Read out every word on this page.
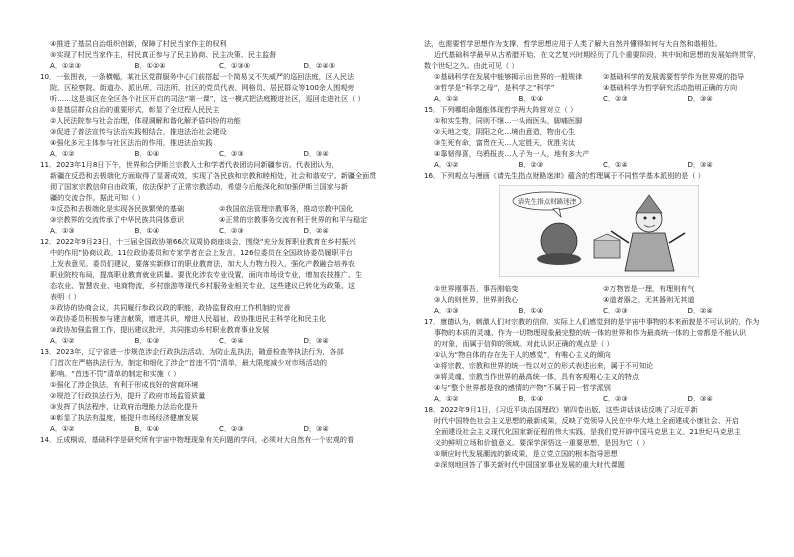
④推进了基层自治组织创新，保障了村民当家作主的权利
⑤实现了村民当家作主，村民真正参与了民主协商、民主决策、民主监督
A．①②③	B．①②④	C．①③⑤	D．②④⑤
10．一张图表，一条横幅，某社区党群服务中心门前搭起一个简易又不失威严的巡回法庭，区人民法
院、区检察院、街道办、派出所、司法所、社区的党员代表、网格员、居民群众等100余人围观旁
听……这是该区在全区各个社区开启的司法“第一课”，这一模式把法庭搬进社区，巡回走进社区（ ）
①是基层群众自治的重要形式，彰显了全过程人民民主
②人民法院参与社会治理，体现调解和谐化解矛盾纠纷的功能
③促进了普法宣传与法治实践相结合，推进法治社会建设
④强化多元主体参与社区法治的作用，推进法治实践
A．①②	B．①④	C．②③	D．③④
11．2023年1月8日下午，世界和合伊斯兰宗教人士和学者代表团访问新疆参访。代表团认为，
新疆在反恐和去极端化方面取得了显著成效，实现了各民族和宗教和睦相处，社会和谐安宁。新疆全面贯
彻了国家宗教信仰自由政策，依法保护了正常宗教活动，希望今后能深化和加强伊斯兰国家与新
疆的交流合作。据此可知（ ）
①反恐和去极端化是实现各民族繁荣的基础	②我国依法管理宗教事务，推动宗教中国化
③宗教界的交流传承了中华民族共同体意识	④正常的宗教事务交流有利于世界的和平与稳定
A．①③	B．①④	C．②③	D．②④
12．2022年9月23日，十三届全国政协第66次双周协商座谈会，围绕“充分发挥职业教育在乡村振兴
中的作用”协商议政。11位政协委员和专家学者在会上发言，126位委员在全国政协委员履职平台
上发表意见。委员们建议，要落实新修订的职业教育法，加大人力物力投入，强化产教融合培养农
职业院校布局，提高职业教育就业质量。要优化涉农专业设置，面向市场设专业，增加农技推广、生
态农业、智慧农业、电商物流，乡村旅游等现代乡村服务业相关专业，这些建议已转化为政策。这
表明（ ）
①政协的协商会议，共同履行参政议政的职能，政协监督政府工作机制的完善
②政协委员积极参与建言献策，增进共识，增进人民福祉，政协推进民主科学化和民主化
③政协加强监督工作，提出建议批评，共同推动乡村职业教育事业发展
A．①②	B．①③	C．②④	D．③④
13．2023年，辽宁省进一步规范涉企行政执法活动，为防止乱执法，随意检查等执法行为，各部
门首次在严格执法行为，制定和细化了涉企“首违不罚”清单，最大限度减少对市场活动的
影响。“首违不罚”清单的制定和实施（ ）
①强化了涉企执法，有利于形成良好的营商环境
②规范了行政执法行为，提升了政府市场监管质量
③发挥了执法程序，让政府治理能力法治化提升
④彰显了执法有温度，能提升市场经济健康发展
A．①②	B．①④	C．②③	D．③④
14．丘成桐说，基础科学是研究所有宇宙中物理现象有关问题的学问，必须对大自然有一个宏观的看
法，也需要哲学思想作为支撑，哲学思想应用于人类了解大自然并懂得如何与大自然和谐相处。
近代基础科学最早从古希腊开始，在文艺复兴时期经历了几个重要阶段，其中间和思想的发展始终贯穿，
数个世纪之久。由此可见（ ）
①基础科学在发展中能够揭示出世界的一般规律	②基础科学的发展需要哲学作为世界观的指导
③哲学是“科学之母”，是科学之“科学”	④基础科学为哲学研究活动指明正确的方向
A．①②	B．①④	C．②③	D．③④
15．下列哪组命题能体现哲学两大阵营对立（ ）
①和实生物，同则不继…一头雨医头，脚痛医脚
②天地之变，阴阳之化…境由意造，物由心生
③生死有命，富贵在天…人定胜天，优胜劣汰
④靠韧得喜，乌鸦报丧…人子为一人，地有多大产
A．①②	B．②③	C．①④	D．③④
16．下列观点与漫画《请先生指点财路迷津》蕴含的哲理属于不同哲学基本派别的是（ ）
请先生指点财路迷津
①世界刚事吾，事吾刚临变	②万物皆是一理，有理则有气
③人的则世界，世界则我心	④道者器之，无其器则无其道
A．①③	B．①④	C．②③	D．②④
17．康德认为，刺激人们对宗教的信仰，实际上人们感觉到的是宇宙中事物的本来面貌是不可认识的，作为
事物的本质的灵魂、作为一切物理现象最完整的统一体的世界和作为最高统一体的上帝都是不能认识
的对象，而属于信仰的领域。对此认识正确的观点是（ ）
①认为“物自体的存在先于人的感觉”，有唯心主义的倾向
②将宗教、宗教和世界的统一性以对立的形式表述出来，属于不可知论
③将灵魂、宗教当作世界的最高统一体，具有客观唯心主义的特点
④与“整个世界都是我的感情的产物”不属于同一哲学派别
A．①②	B．①④	C．②③	D．③④
18．2022年9月1日，《习近平谈治国理政》第四卷出版，这些讲话谈话反映了习近平新
时代中国特色社会主义思想的最新成果，反映了党领导人民在中华大地上全面建成小康社会、开启
全面建设社会主义现代化国家新征程的伟大实践，是我们党开辟中国马克思主义、21世纪马克思主
义的鲜明立场和价值意义。要深学深悟这一重要思想，是因为它（ ）
①顺应时代发展潮流的新成果，是立党立国的根本指导思想
②深刻地回答了事关新时代中国国家事业发展的重大时代课题
